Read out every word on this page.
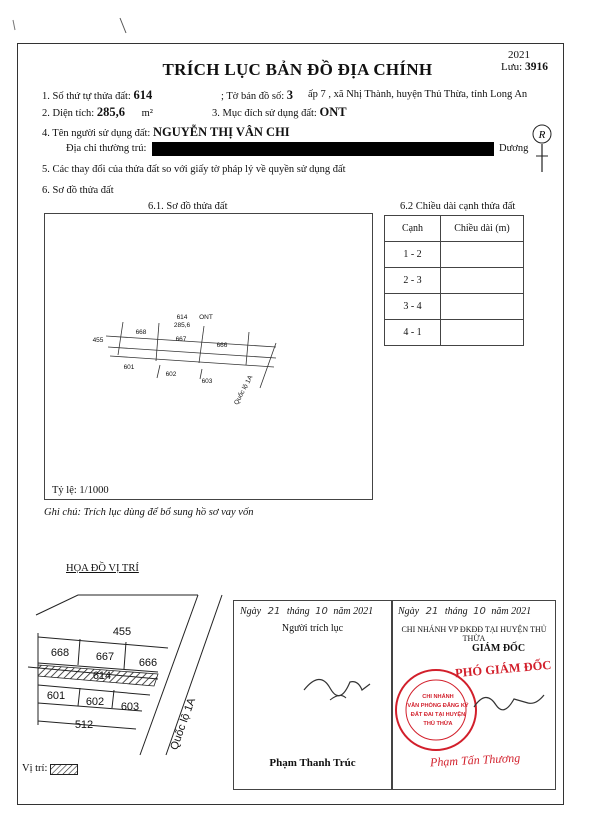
TRÍCH LỤC BẢN ĐỒ ĐỊA CHÍNH
2021
Lưu: 3916
1. Số thứ tự thửa đất: 614	; Tờ bản đồ số: 3 ấp 7 , xã Nhị Thành, huyện Thủ Thừa, tỉnh Long An
2. Diện tích: 285,6 m²	3. Mục đích sử dụng đất: ONT
4. Tên người sử dụng đất: NGUYỄN THỊ VÂN CHI
Địa chỉ thường trú:	Dương
R
5. Các thay đổi của thửa đất so với giấy tờ pháp lý về quyền sử dụng đất
6. Sơ đồ thửa đất
6.1. Sơ đồ thửa đất
455
668
614 ONT
285,6
667
666
601
602
603	Quốc lộ 1A
Tỷ lệ: 1/1000
6.2 Chiều dài cạnh thửa đất
Cạnh	Chiều dài (m)
1 - 2	
2 - 3	
3 - 4	
4 - 1	
Ghi chú: Trích lục dùng để bổ sung hồ sơ vay vốn
HỌA ĐỒ VỊ TRÍ
455
668 667 666
614
601 602 603
512	Quốc lộ 1A
Vị trí:
Ngày 21 tháng 10 năm 2021
Người trích lục
Phạm Thanh Trúc
Ngày 21 tháng 10 năm 2021
CHI NHÁNH VP ĐKĐĐ TẠI HUYỆN THỦ THỪA
GIÁM ĐỐC
PHÓ GIÁM ĐỐC
CHI NHÁNH
VĂN PHÒNG ĐĂNG KÝ
ĐẤT ĐAI TẠI HUYỆN
THỦ THỪA
Phạm Tấn Thương
